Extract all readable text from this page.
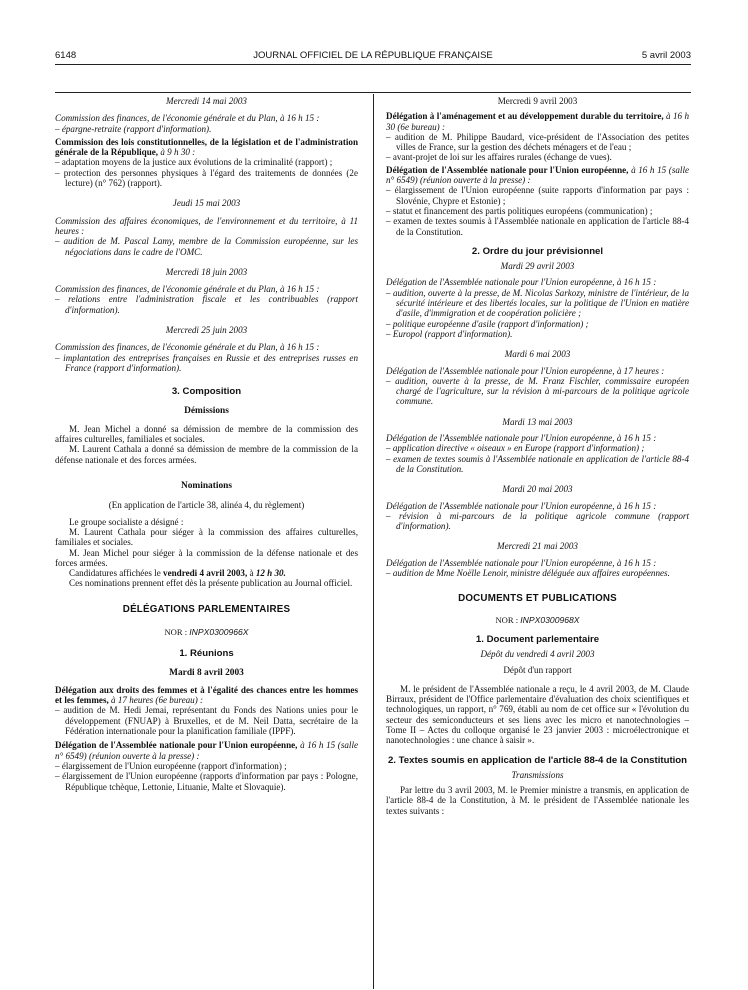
6148	JOURNAL OFFICIEL DE LA RÉPUBLIQUE FRANÇAISE	5 avril 2003

Mercredi 14 mai 2003

Commission des finances, de l'économie générale et du Plan, à 16 h 15 :

– épargne-retraite (rapport d'information).

Commission des lois constitutionnelles, de la législation et de l'administration générale de la République, à 9 h 30 :

– adaptation moyens de la justice aux évolutions de la criminalité (rapport) ;

– protection des personnes physiques à l'égard des traitements de données (2e lecture) (n° 762) (rapport).

Jeudi 15 mai 2003

Commission des affaires économiques, de l'environnement et du territoire, à 11 heures :

– audition de M. Pascal Lamy, membre de la Commission européenne, sur les négociations dans le cadre de l'OMC.

Mercredi 18 juin 2003

Commission des finances, de l'économie générale et du Plan, à 16 h 15 :

– relations entre l'administration fiscale et les contribuables (rapport d'information).

Mercredi 25 juin 2003

Commission des finances, de l'économie générale et du Plan, à 16 h 15 :

– implantation des entreprises françaises en Russie et des entreprises russes en France (rapport d'information).

3. Composition

Démissions

M. Jean Michel a donné sa démission de membre de la commission des affaires culturelles, familiales et sociales.

M. Laurent Cathala a donné sa démission de membre de la commission de la défense nationale et des forces armées.

Nominations

(En application de l'article 38, alinéa 4, du règlement)

Le groupe socialiste a désigné :

M. Laurent Cathala pour siéger à la commission des affaires culturelles, familiales et sociales.

M. Jean Michel pour siéger à la commission de la défense nationale et des forces armées.

Candidatures affichées le vendredi 4 avril 2003, à 12 h 30.

Ces nominations prennent effet dès la présente publication au Journal officiel.

DÉLÉGATIONS PARLEMENTAIRES

NOR : INPX0300966X

1. Réunions

Mardi 8 avril 2003

Délégation aux droits des femmes et à l'égalité des chances entre les hommes et les femmes, à 17 heures (6e bureau) :

– audition de M. Hedi Jemai, représentant du Fonds des Nations unies pour le développement (FNUAP) à Bruxelles, et de M. Neil Datta, secrétaire de la Fédération internationale pour la planification familiale (IPPF).

Délégation de l'Assemblée nationale pour l'Union européenne, à 16 h 15 (salle n° 6549) (réunion ouverte à la presse) :

– élargissement de l'Union européenne (rapport d'information) ;

– élargissement de l'Union européenne (rapports d'information par pays : Pologne, République tchèque, Lettonie, Lituanie, Malte et Slovaquie).

Mercredi 9 avril 2003

Délégation à l'aménagement et au développement durable du territoire, à 16 h 30 (6e bureau) :

– audition de M. Philippe Baudard, vice-président de l'Association des petites villes de France, sur la gestion des déchets ménagers et de l'eau ;

– avant-projet de loi sur les affaires rurales (échange de vues).

Délégation de l'Assemblée nationale pour l'Union européenne, à 16 h 15 (salle n° 6549) (réunion ouverte à la presse) :

– élargissement de l'Union européenne (suite rapports d'information par pays : Slovénie, Chypre et Estonie) ;

– statut et financement des partis politiques européens (communication) ;

– examen de textes soumis à l'Assemblée nationale en application de l'article 88-4 de la Constitution.

2. Ordre du jour prévisionnel

Mardi 29 avril 2003

Délégation de l'Assemblée nationale pour l'Union européenne, à 16 h 15 :

– audition, ouverte à la presse, de M. Nicolas Sarkozy, ministre de l'intérieur, de la sécurité intérieure et des libertés locales, sur la politique de l'Union en matière d'asile, d'immigration et de coopération policière ;

– politique européenne d'asile (rapport d'information) ;

– Europol (rapport d'information).

Mardi 6 mai 2003

Délégation de l'Assemblée nationale pour l'Union européenne, à 17 heures :

– audition, ouverte à la presse, de M. Franz Fischler, commissaire européen chargé de l'agriculture, sur la révision à mi-parcours de la politique agricole commune.

Mardi 13 mai 2003

Délégation de l'Assemblée nationale pour l'Union européenne, à 16 h 15 :

– application directive « oiseaux » en Europe (rapport d'information) ;

– examen de textes soumis à l'Assemblée nationale en application de l'article 88-4 de la Constitution.

Mardi 20 mai 2003

Délégation de l'Assemblée nationale pour l'Union européenne, à 16 h 15 :

– révision à mi-parcours de la politique agricole commune (rapport d'information).

Mercredi 21 mai 2003

Délégation de l'Assemblée nationale pour l'Union européenne, à 16 h 15 :

– audition de Mme Noëlle Lenoir, ministre déléguée aux affaires européennes.

DOCUMENTS ET PUBLICATIONS

NOR : INPX0300968X

1. Document parlementaire

Dépôt du vendredi 4 avril 2003

Dépôt d'un rapport

M. le président de l'Assemblée nationale a reçu, le 4 avril 2003, de M. Claude Birraux, président de l'Office parlementaire d'évaluation des choix scientifiques et technologiques, un rapport, n° 769, établi au nom de cet office sur « l'évolution du secteur des semiconducteurs et ses liens avec les micro et nanotechnologies – Tome II – Actes du colloque organisé le 23 janvier 2003 : microélectronique et nanotechnologies : une chance à saisir ».

2. Textes soumis en application de l'article 88-4 de la Constitution

Transmissions

Par lettre du 3 avril 2003, M. le Premier ministre a transmis, en application de l'article 88-4 de la Constitution, à M. le président de l'Assemblée nationale les textes suivants :
